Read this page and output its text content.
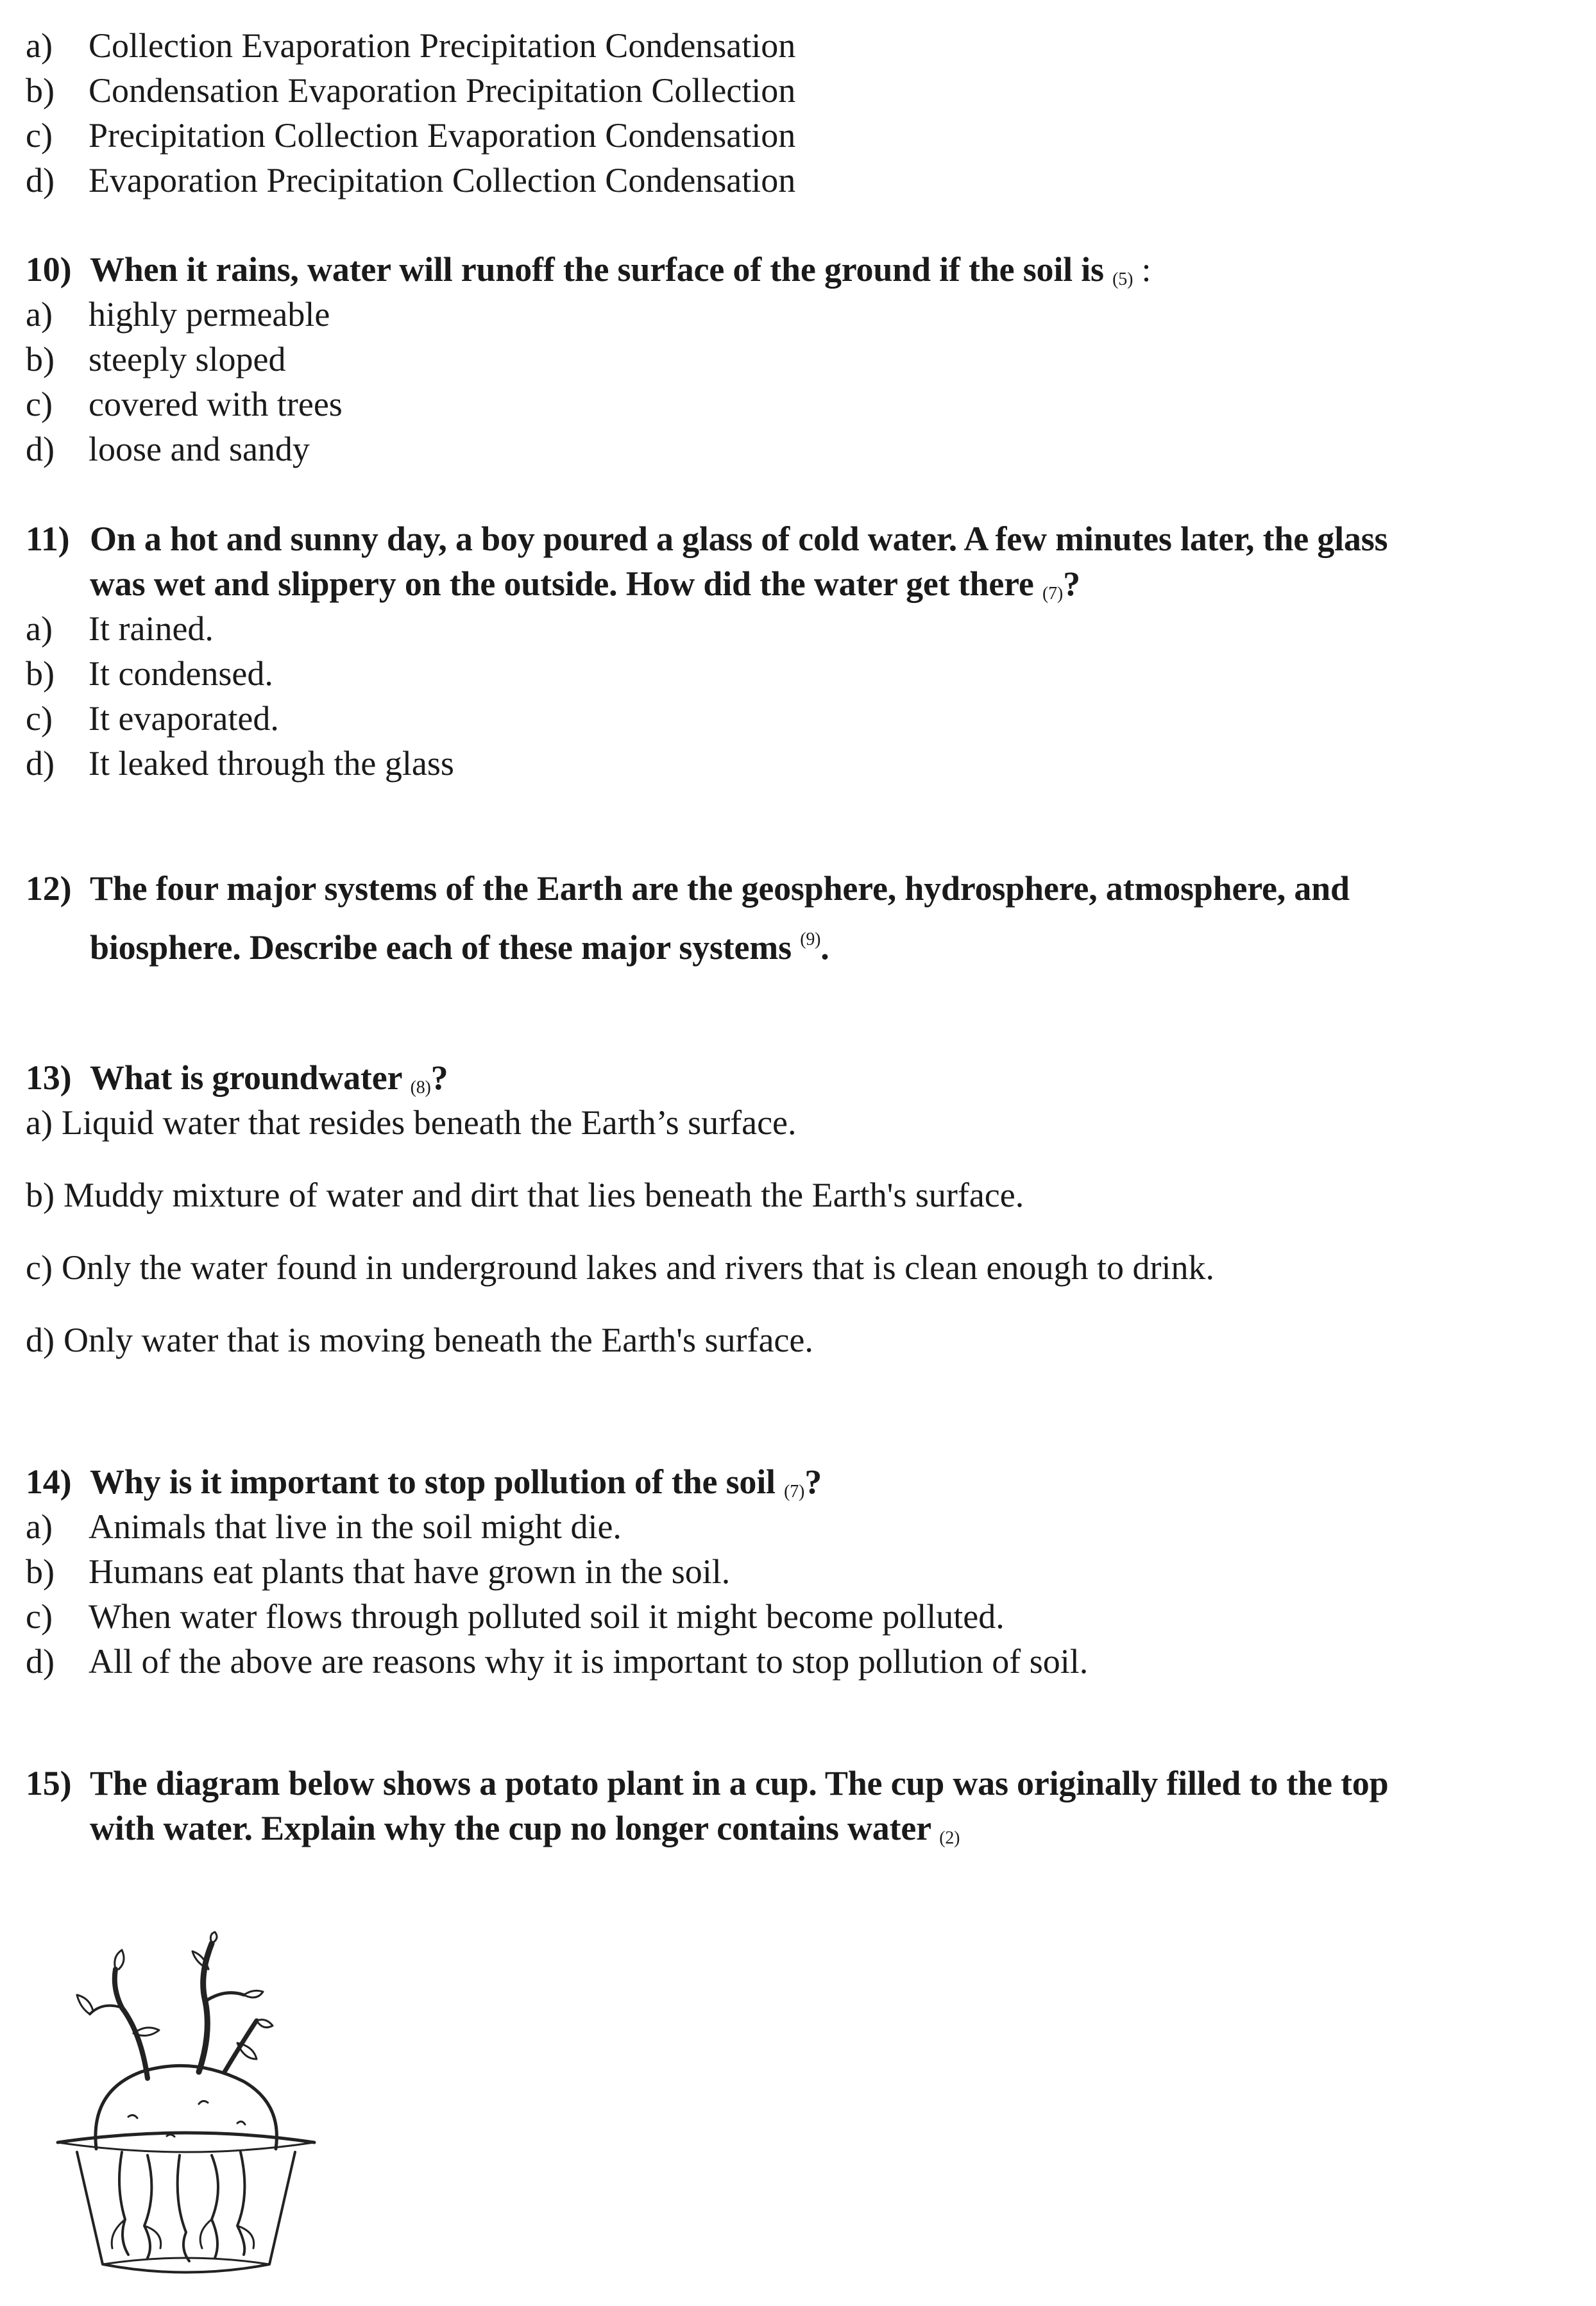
a) Collection Evaporation Precipitation Condensation
b) Condensation Evaporation Precipitation Collection
c) Precipitation Collection Evaporation Condensation
d) Evaporation Precipitation Collection Condensation
10) When it rains, water will runoff the surface of the ground if the soil is (5) :
a) highly permeable
b) steeply sloped
c) covered with trees
d) loose and sandy
11) On a hot and sunny day, a boy poured a glass of cold water. A few minutes later, the glass
was wet and slippery on the outside. How did the water get there (7)?
a) It rained.
b) It condensed.
c) It evaporated.
d) It leaked through the glass
12) The four major systems of the Earth are the geosphere, hydrosphere, atmosphere, and
biosphere. Describe each of these major systems $^{(9)}$.
13) What is groundwater (8)?
a) Liquid water that resides beneath the Earth’s surface.
b) Muddy mixture of water and dirt that lies beneath the Earth's surface.
c) Only the water found in underground lakes and rivers that is clean enough to drink.
d) Only water that is moving beneath the Earth's surface.
14) Why is it important to stop pollution of the soil (7)?
a) Animals that live in the soil might die.
b) Humans eat plants that have grown in the soil.
c) When water flows through polluted soil it might become polluted.
d) All of the above are reasons why it is important to stop pollution of soil.
15) The diagram below shows a potato plant in a cup. The cup was originally filled to the top
with water. Explain why the cup no longer contains water (2)
